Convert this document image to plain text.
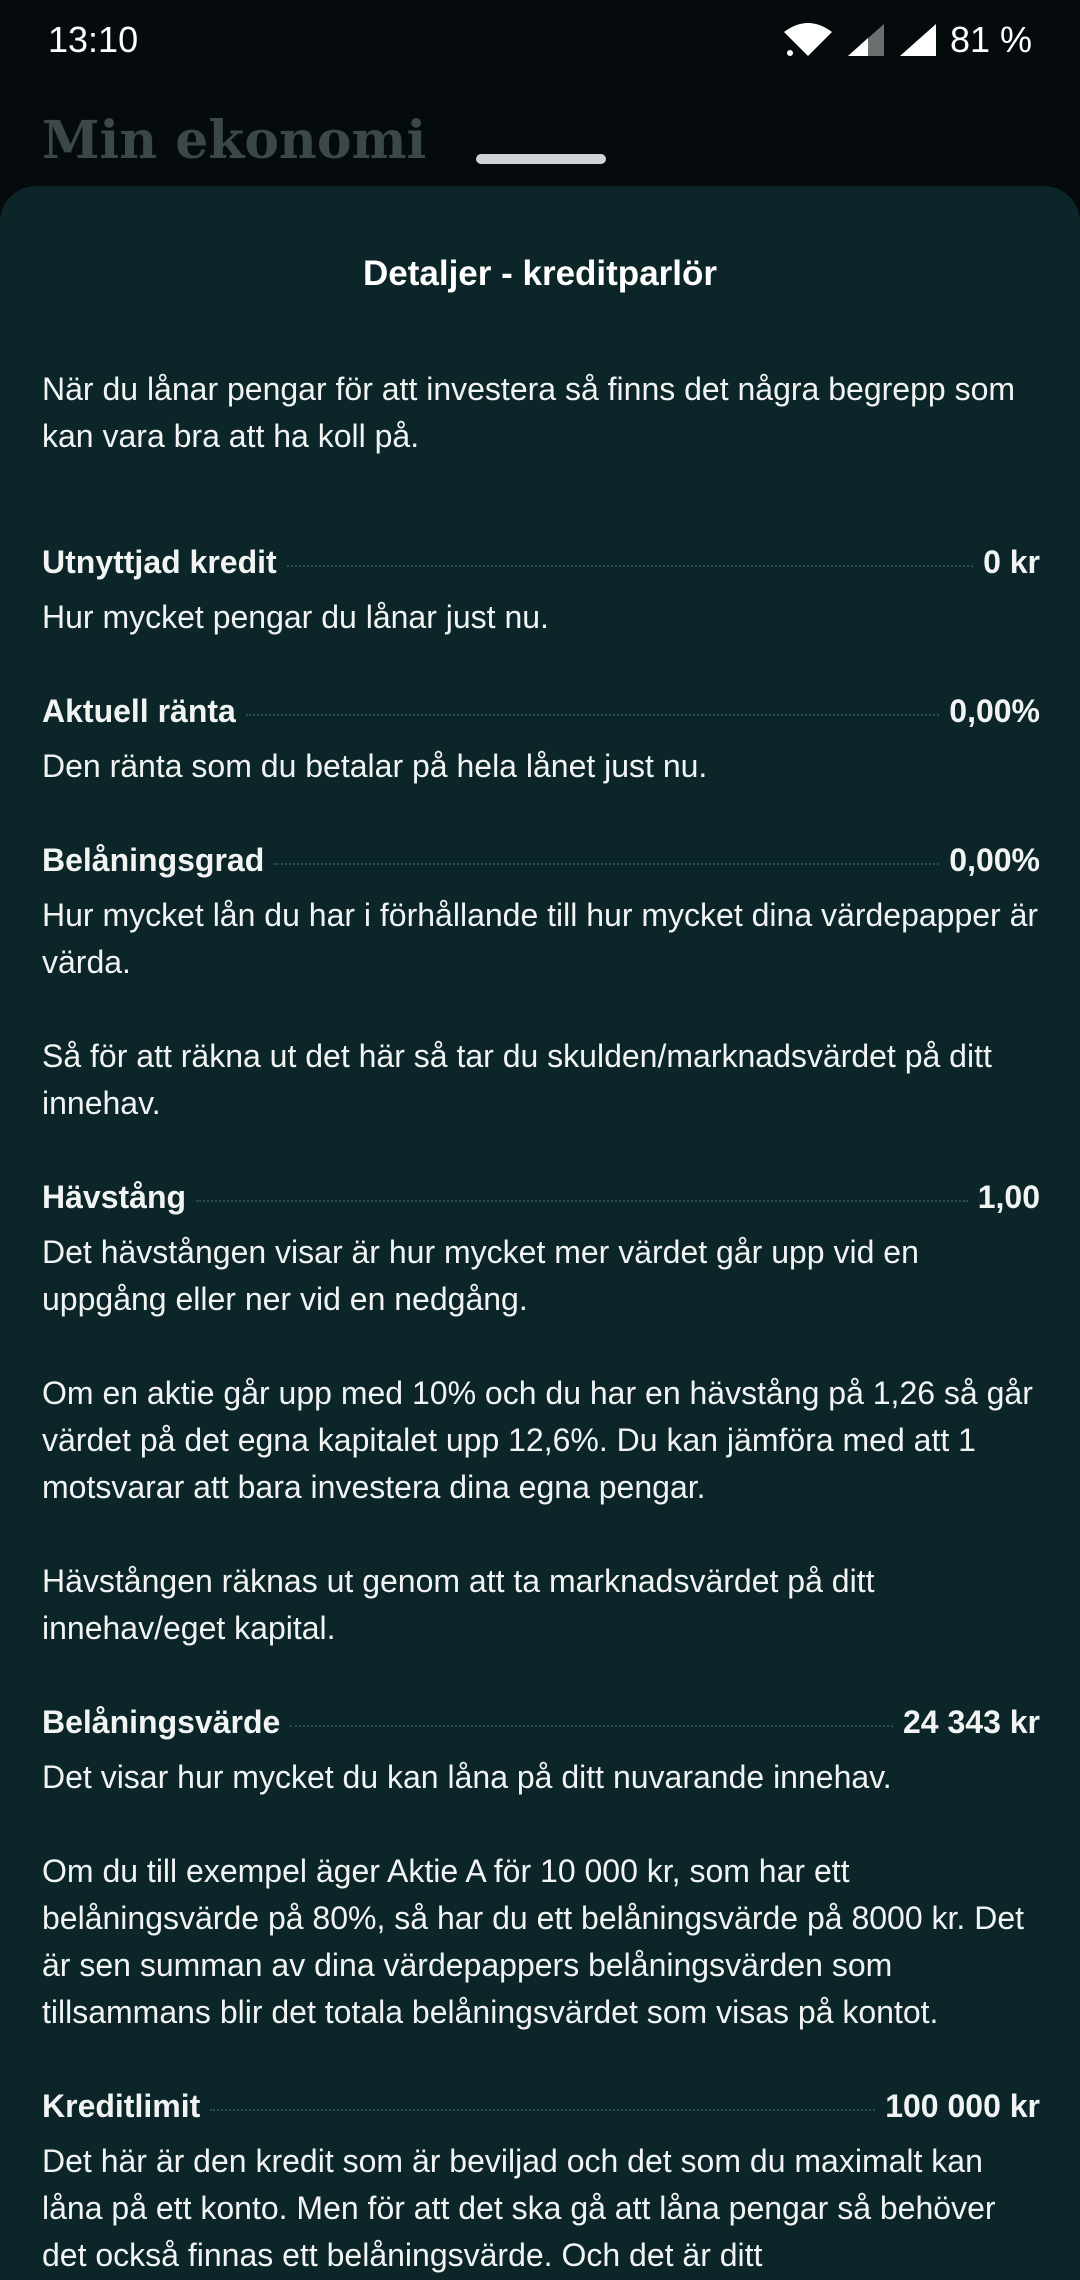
13:10	81 %
Min ekonomi
Detaljer - kreditparlör

När du lånar pengar för att investera så finns det några begrepp som kan vara bra att ha koll på.

Utnyttjad kredit	0 kr

Hur mycket pengar du lånar just nu.

Aktuell ränta	0,00%

Den ränta som du betalar på hela lånet just nu.

Belåningsgrad	0,00%

Hur mycket lån du har i förhållande till hur mycket dina värdepapper är värda.

Så för att räkna ut det här så tar du skulden/marknadsvärdet på ditt innehav.

Hävstång	1,00

Det hävstången visar är hur mycket mer värdet går upp vid en uppgång eller ner vid en nedgång.

Om en aktie går upp med 10% och du har en hävstång på 1,26 så går värdet på det egna kapitalet upp 12,6%. Du kan jämföra med att 1 motsvarar att bara investera dina egna pengar.

Hävstången räknas ut genom att ta marknadsvärdet på ditt innehav/eget kapital.

Belåningsvärde	24 343 kr

Det visar hur mycket du kan låna på ditt nuvarande innehav.

Om du till exempel äger Aktie A för 10 000 kr, som har ett belåningsvärde på 80%, så har du ett belåningsvärde på 8000 kr. Det är sen summan av dina värdepappers belåningsvärden som tillsammans blir det totala belåningsvärdet som visas på kontot.

Kreditlimit	100 000 kr

Det här är den kredit som är beviljad och det som du maximalt kan låna på ett konto. Men för att det ska gå att låna pengar så behöver det också finnas ett belåningsvärde. Och det är ditt
